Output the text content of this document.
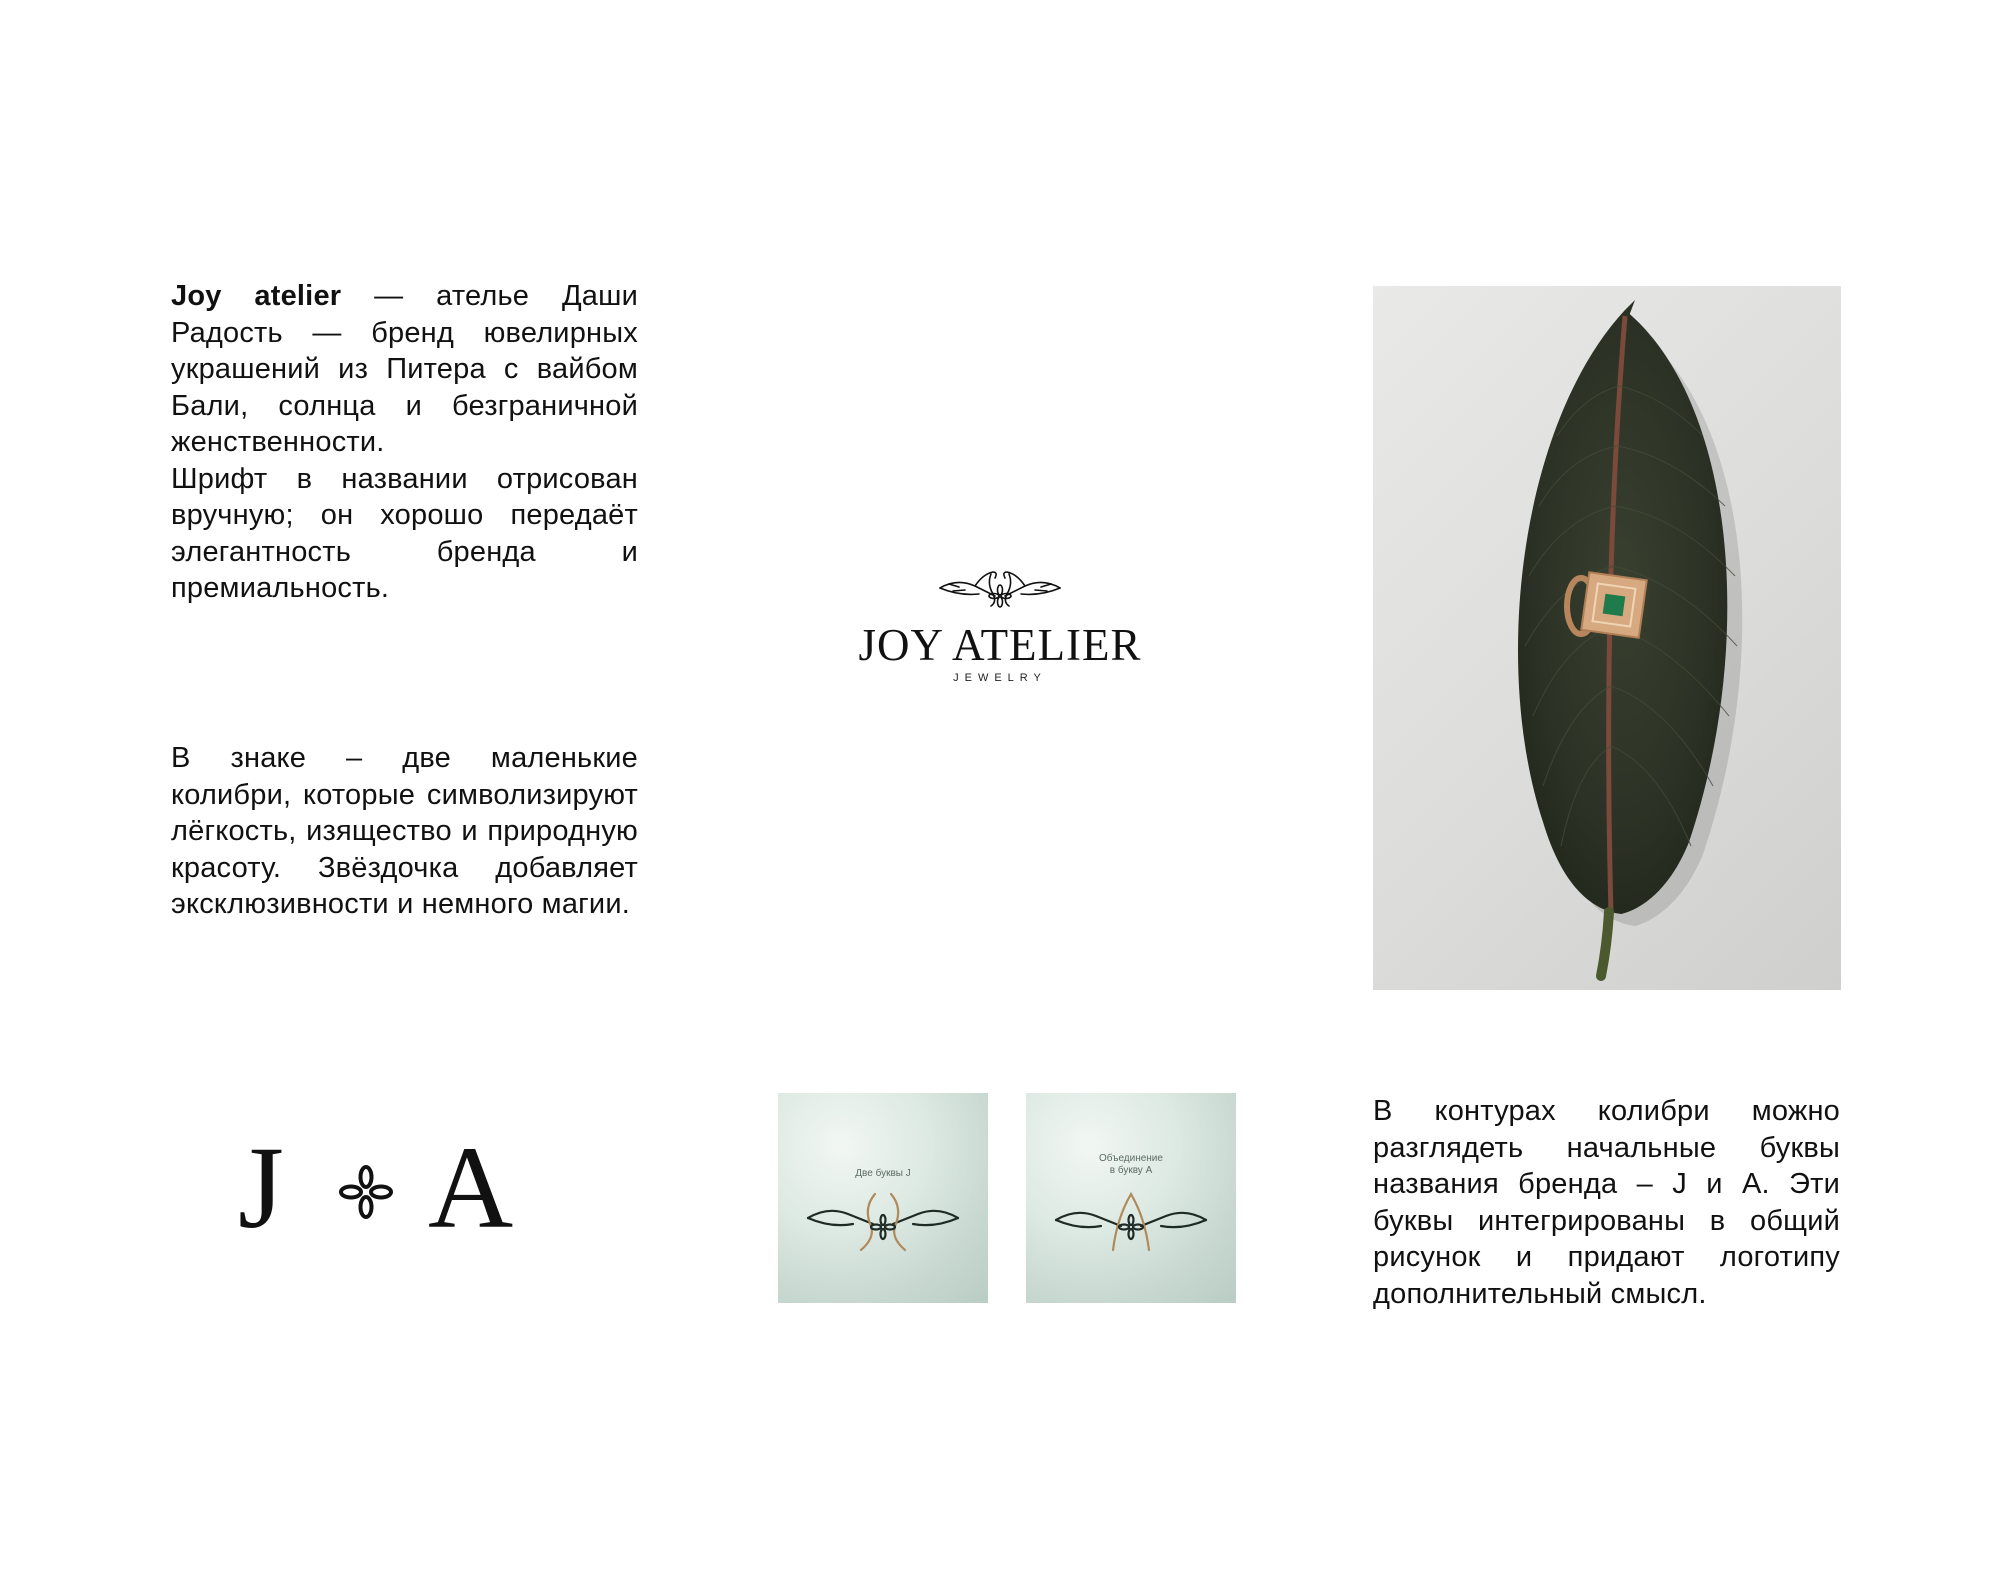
Joy atelier — ателье Даши Радость — бренд ювелирных украшений из Питера с вайбом Бали, солнца и безграничной женственности.
Шрифт в названии отрисован вручную; он хорошо передаёт элегантность бренда и премиальность.

В знаке – две маленькие колибри, которые символизируют лёгкость, изящество и природную красоту. Звёздочка добавляет эксклюзивности и немного магии.

JOY ATELIER
JEWELRY
J A	Две буквы J
Объединение
в букву А

В контурах колибри можно разглядеть начальные буквы названия бренда – J и A. Эти буквы интегрированы в общий рисунок и придают логотипу дополнительный смысл.
